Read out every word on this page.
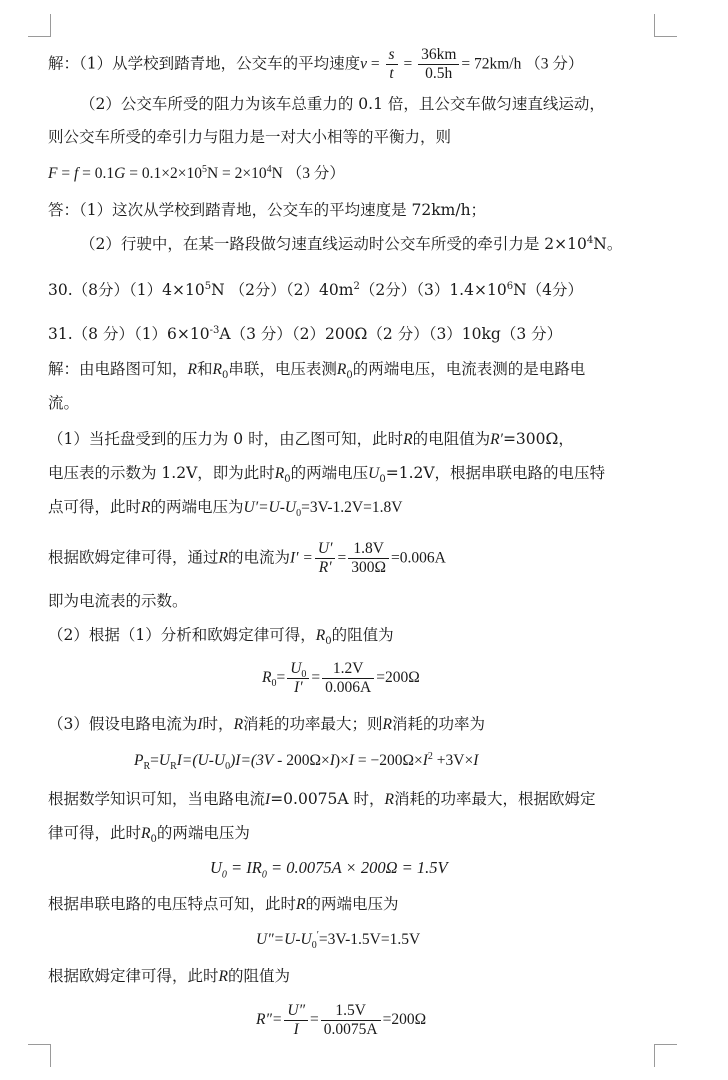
解：（1）从学校到踏青地，公交车的平均速度$v = \frac{s}{t} = \frac{36km}{0.5h} = 72km/h$ （3 分）
（2）公交车所受的阻力为该车总重力的 0.1 倍，且公交车做匀速直线运动，
则公交车所受的牵引力与阻力是一对大小相等的平衡力，则
$F = f = 0.1G = 0.1\times 2\times 10^5N = 2\times 10^4N$ （3 分）
答：（1）这次从学校到踏青地，公交车的平均速度是 72km/h；
（2）行驶中，在某一路段做匀速直线运动时公交车所受的牵引力是 $2\times 10^4N$。
30.（8分）$(1)4\times 10^5N$ （2分）$(2)40m^2(2$分）$(3)1.4\times 10^6N(4$分）
31.（8 分）$(1)6\times 10^{-3}A(3$ 分）（2）200Ω（2 分）（3）10kg（3 分）
解：由电路图可知，R和$R_0$串联，电压表测$R_0$的两端电压，电流表测的是电路电
流。
（1）当托盘受到的压力为 0 时，由乙图可知，此时R的电阻值为R′=300Ω，
电压表的示数为 1.2V，即为此时$R_0$的两端电压$U_0=1.2V$，根据串联电路的电压特
点可得，此时R的两端电压为$U'=U-U_0=3V-1.2V=1.8V$
根据欧姆定律可得，通过R的电流为$I' = \frac{U'}{R'} = \frac{1.8V}{300\Omega} =0.006A$
即为电流表的示数。
（2）根据（1）分析和欧姆定律可得，$R_0$的阻值为
$R_0= \frac{U_0}{I'} = \frac{1.2V}{0.006A} =200\Omega$
（3）假设电路电流为I时，R消耗的功率最大；则R消耗的功率为
$P_R=U_RI=(U-U_0)I=(3V - 200\Omega\times I)\times I = -200\Omega\times I^2 +3V\times I$
根据数学知识可知，当电路电流I=0.0075A 时，R消耗的功率最大，根据欧姆定
律可得，此时$R_0$的两端电压为
$U_0 = IR_0 = 0.0075A \times 200\Omega = 1.5V$
根据串联电路的电压特点可知，此时R的两端电压为
$U''=U-U_0'=3V-1.5V=1.5V$
根据欧姆定律可得，此时R的阻值为
$R''= \frac{U''}{I} = \frac{1.5V}{0.0075A} =200\Omega$
